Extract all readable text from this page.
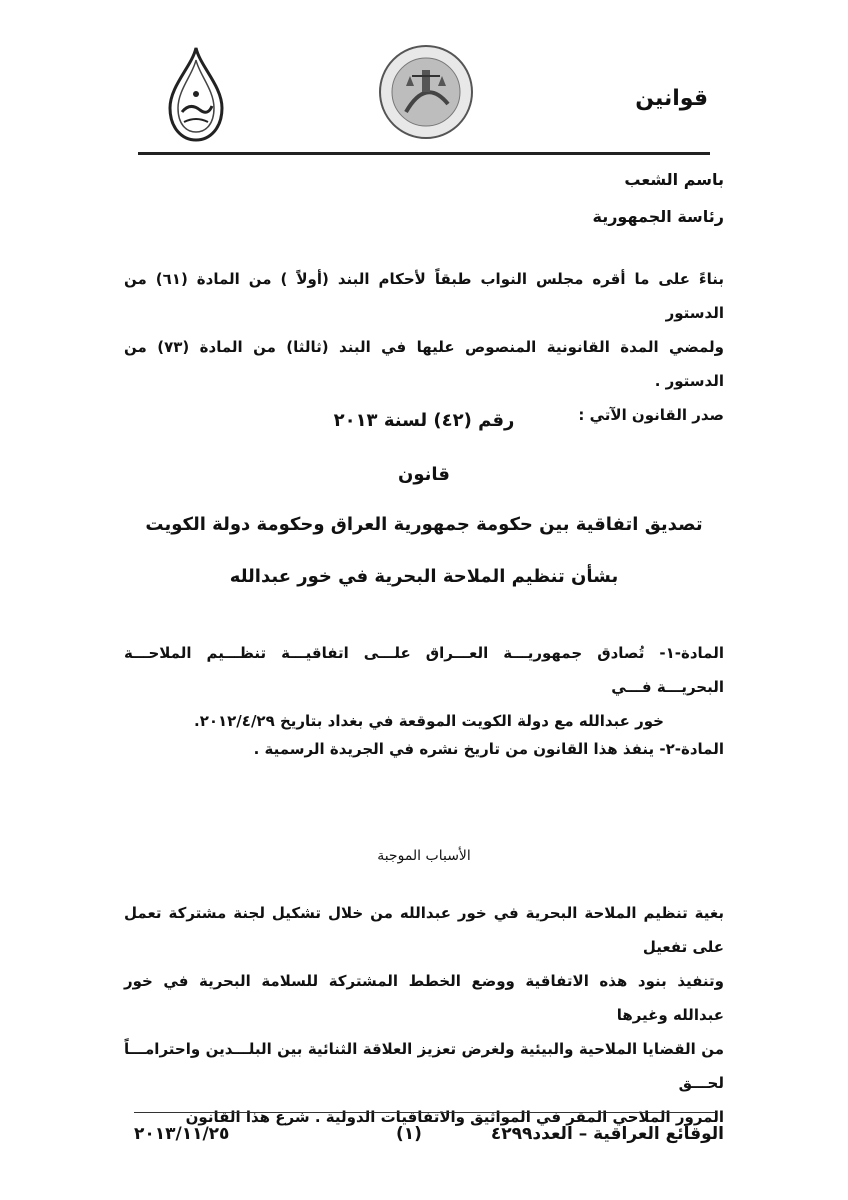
قوانين
باسم الشعب
رئاسة الجمهورية
بناءً على ما أقره مجلس النواب طبقاً لأحكام البند (أولاً ) من المادة (٦١) من الدستور
ولمضي المدة القانونية المنصوص عليها في البند (ثالثا) من المادة (٧٣) من الدستور .
صدر القانون الآتي :
رقم (٤٢) لسنة ٢٠١٣
قانون
تصديق اتفاقية بين حكومة جمهورية العراق وحكومة دولة الكويت
بشأن تنظيم الملاحة البحرية في خور عبدالله
المادة-١- تُصادق جمهوريـــة العـــراق علـــى اتفاقيـــة تنظـــيم الملاحـــة البحريـــة فـــي
خور عبدالله مع دولة الكويت الموقعة في بغداد بتاريخ ٢٠١٢/٤/٢٩.
المادة-٢- ينفذ هذا القانون من تاريخ نشره في الجريدة الرسمية .
الأسباب الموجبة
بغية تنظيم الملاحة البحرية في خور عبدالله من خلال تشكيل لجنة مشتركة تعمل على تفعيل
وتنفيذ بنود هذه الاتفاقية ووضع الخطط المشتركة للسلامة البحرية في خور عبدالله وغيرها
من القضايا الملاحية والبيئية ولغرض تعزيز العلاقة الثنائية بين البلـــدين واحترامـــاً لحـــق
المرور الملاحي المقر في المواثيق والاتفاقيات الدولية . شرع هذا القانون
الوقائع العراقية – العدد٤٢٩٩
(١)
٢٠١٣/١١/٢٥
